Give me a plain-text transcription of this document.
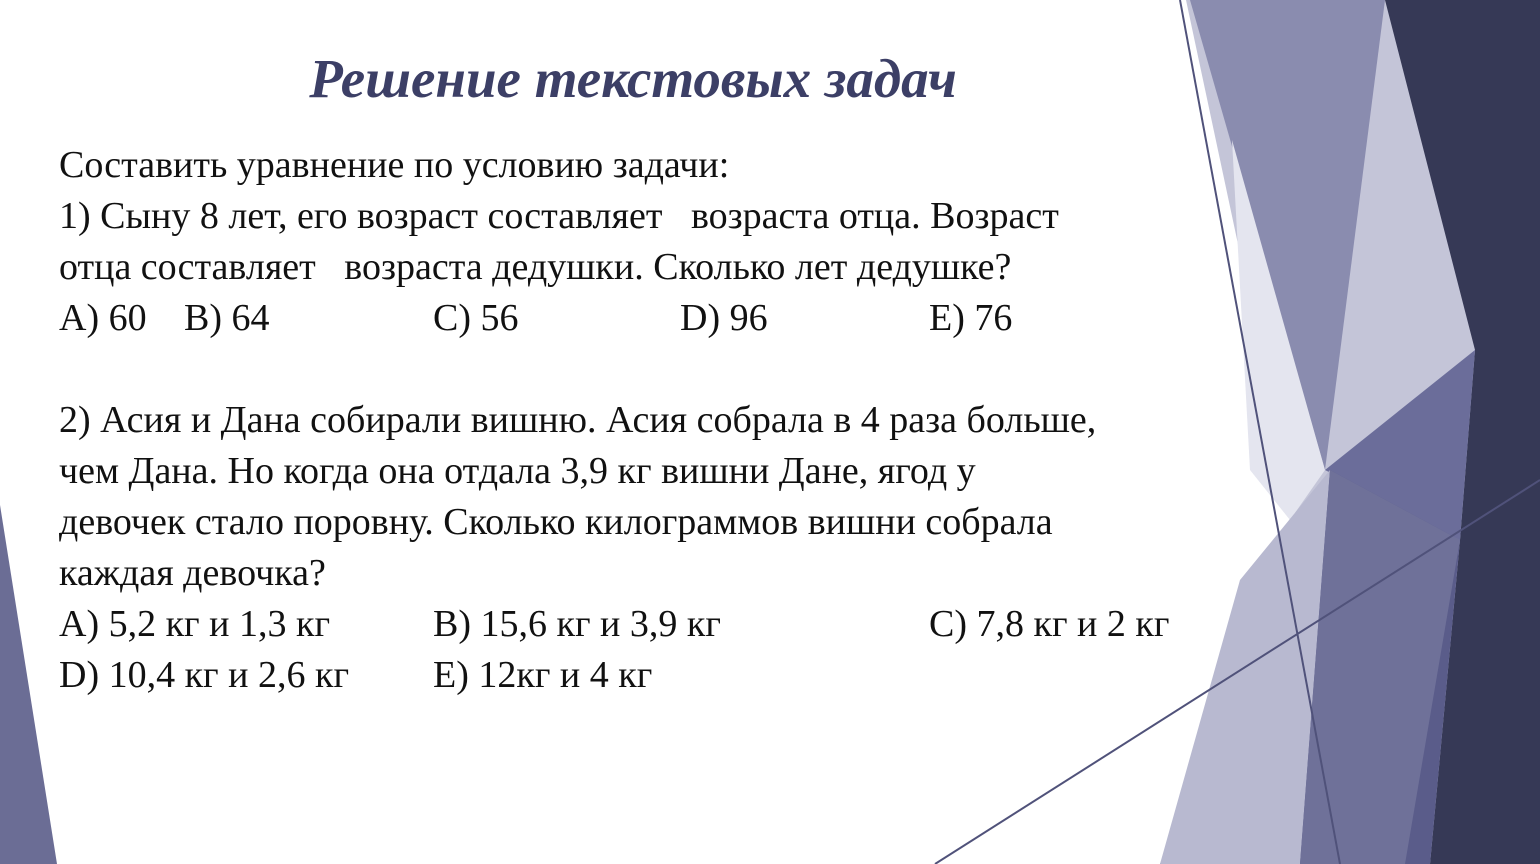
Решение текстовых задач
Составить уравнение по условию задачи:
1) Сыну 8 лет, его возраст составляет   возраста отца. Возраст
отца составляет   возраста дедушки. Сколько лет дедушке?
A) 60 B) 64	C) 56	D) 96	E) 76
2) Асия и Дана собирали вишню. Асия собрала в 4 раза больше,
чем Дана. Но когда она отдала 3,9 кг вишни Дане, ягод у
девочек стало поровну. Сколько килограммов вишни собрала
каждая девочка?
A) 5,2 кг и 1,3 кг	B) 15,6 кг и 3,9 кг	C) 7,8 кг и 2 кг
D) 10,4 кг и 2,6 кг E) 12кг и 4 кг
